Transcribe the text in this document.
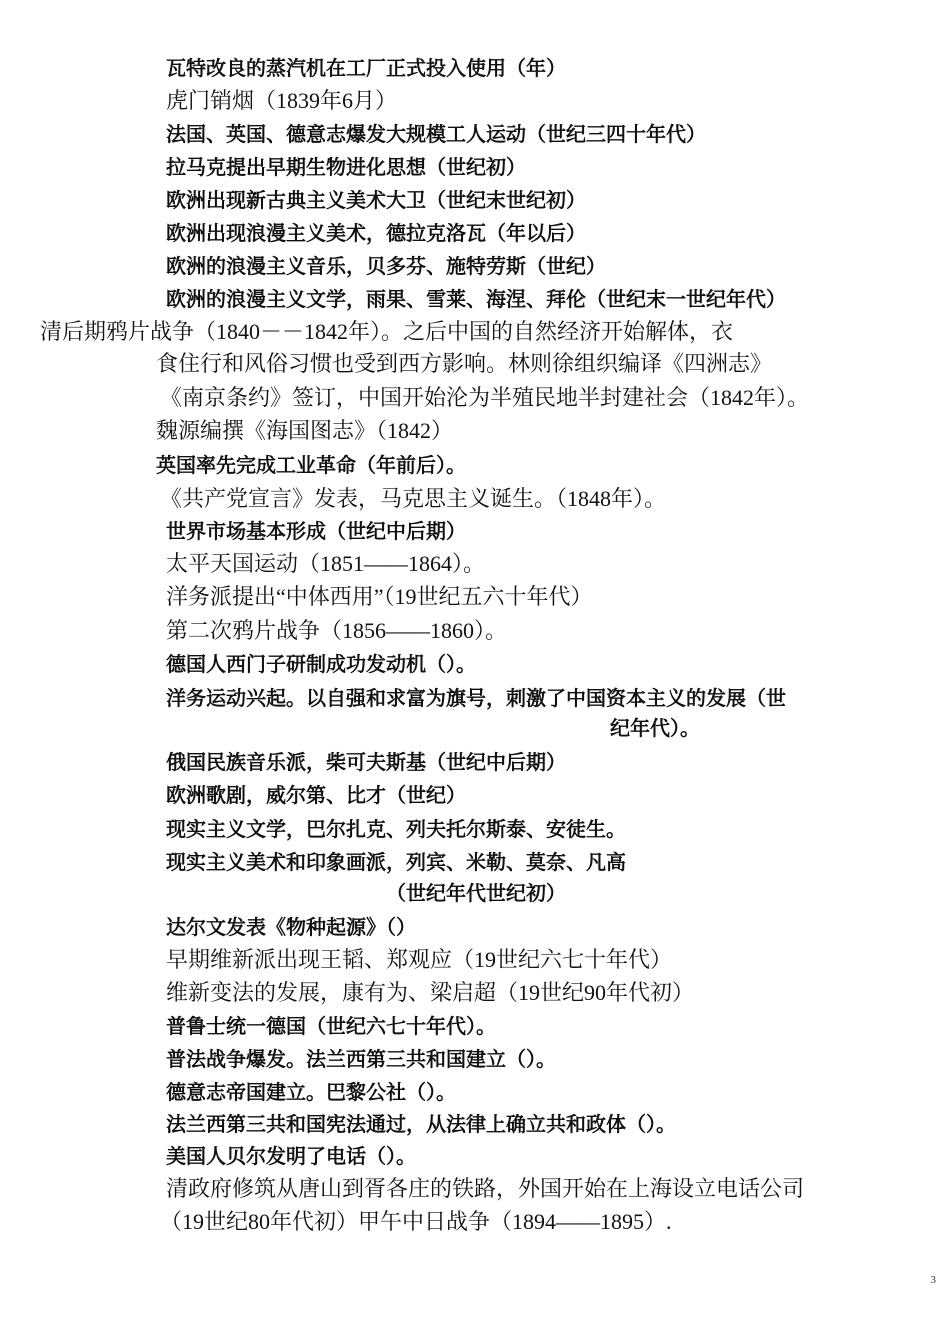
瓦特改良的蒸汽机在工厂正式投入使用（年）
虎门销烟（1839年6月）
法国、英国、德意志爆发大规模工人运动（世纪三四十年代）
拉马克提出早期生物进化思想（世纪初）
欧洲出现新古典主义美术大卫（世纪末世纪初）
欧洲出现浪漫主义美术，德拉克洛瓦（年以后）
欧洲的浪漫主义音乐，贝多芬、施特劳斯（世纪）
欧洲的浪漫主义文学，雨果、雪莱、海涅、拜伦（世纪末一世纪年代）
清后期鸦片战争（1840－－1842年）。之后中国的自然经济开始解体，衣
食住行和风俗习惯也受到西方影响。林则徐组织编译《四洲志》
《南京条约》签订，中国开始沦为半殖民地半封建社会（1842年）。
魏源编撰《海国图志》（1842）
英国率先完成工业革命（年前后）。
《共产党宣言》发表，马克思主义诞生。（1848年）。
世界市场基本形成（世纪中后期）
太平天国运动（1851——1864）。
洋务派提出“中体西用”（19世纪五六十年代）
第二次鸦片战争（1856——1860）。
德国人西门子研制成功发动机（）。
洋务运动兴起。以自强和求富为旗号，刺激了中国资本主义的发展（世
纪年代）。
俄国民族音乐派，柴可夫斯基（世纪中后期）
欧洲歌剧，威尔第、比才（世纪）
现实主义文学，巴尔扎克、列夫托尔斯泰、安徒生。
现实主义美术和印象画派，列宾、米勒、莫奈、凡高
（世纪年代世纪初）
达尔文发表《物种起源》（）
早期维新派出现王韬、郑观应（19世纪六七十年代）
维新变法的发展，康有为、梁启超（19世纪90年代初）
普鲁士统一德国（世纪六七十年代）。
普法战争爆发。法兰西第三共和国建立（）。
德意志帝国建立。巴黎公社（）。
法兰西第三共和国宪法通过，从法律上确立共和政体（）。
美国人贝尔发明了电话（）。
清政府修筑从唐山到胥各庄的铁路，外国开始在上海设立电话公司
（19世纪80年代初）甲午中日战争（1894——1895）.
3
